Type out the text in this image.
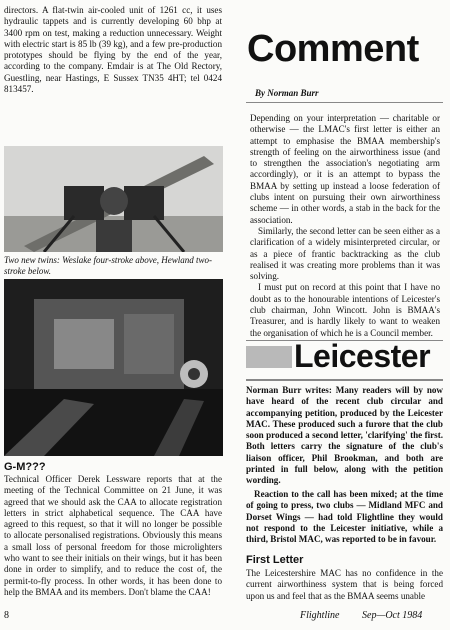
directors. A flat-twin air-cooled unit of 1261 cc, it uses hydraulic tappets and is currently developing 60 bhp at 3400 rpm on test, making a reduction unnecessary. Weight with electric start is 85 lb (39 kg), and a few pre-production prototypes should be flying by the end of the year, according to the company. Emdair is at The Old Rectory, Guestling, near Hastings, E Sussex TN35 4HT; tel 0424 813457.

Two new twins: Weslake four-stroke above, Hewland two-stroke below.
G-M???

Technical Officer Derek Lessware reports that at the meeting of the Technical Committee on 21 June, it was agreed that we should ask the CAA to allocate registration letters in strict alphabetical sequence. The CAA have agreed to this request, so that it will no longer be possible to allocate personalised registrations. Obviously this means a small loss of personal freedom for those microlighters who want to see their initials on their wings, but it has been done in order to simplify, and to reduce the cost of, the permit-to-fly process. In other words, it has been done to help the BMAA and its members. Don't blame the CAA!

Comment
By Norman Burr

Depending on your interpretation — charitable or otherwise — the LMAC's first letter is either an attempt to emphasise the BMAA membership's strength of feeling on the airworthiness issue (and to strengthen the association's negotiating arm accordingly), or it is an attempt to bypass the BMAA by setting up instead a loose federation of clubs intent on pursuing their own airworthiness scheme — in other words, a stab in the back for the association.

Similarly, the second letter can be seen either as a clarification of a widely misinterpreted circular, or as a piece of frantic backtracking as the club realised it was creating more problems than it was solving.

I must put on record at this point that I have no doubt as to the honourable intentions of Leicester's club chairman, John Wincott. John is BMAA's Treasurer, and is hardly likely to want to weaken the organisation of which he is a Council member.

Leicester

Norman Burr writes: Many readers will by now have heard of the recent club circular and accompanying petition, produced by the Leicester MAC. These produced such a furore that the club soon produced a second letter, 'clarifying' the first. Both letters carry the signature of the club's liaison officer, Phil Brookman, and both are printed in full below, along with the petition wording.

Reaction to the call has been mixed; at the time of going to press, two clubs — Midland MFC and Dorset Wings — had told Flightline they would not respond to the Leicester initiative, while a third, Bristol MAC, was reported to be in favour.

First Letter

The Leicestershire MAC has no confidence in the current airworthiness system that is being forced upon us and feel that as the BMAA seems unable

8	Flightline Sep—Oct 1984
